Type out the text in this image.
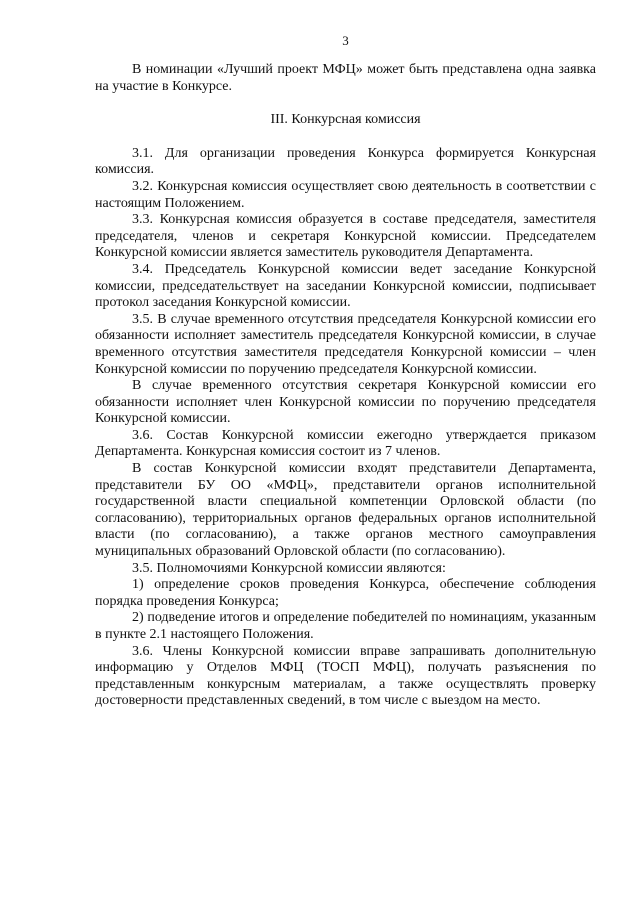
3

В номинации «Лучший проект МФЦ» может быть представлена одна заявка на участие в Конкурсе.

III. Конкурсная комиссия

3.1. Для организации проведения Конкурса формируется Конкурсная комиссия.

3.2. Конкурсная комиссия осуществляет свою деятельность в соответствии с настоящим Положением.

3.3. Конкурсная комиссия образуется в составе председателя, заместителя председателя, членов и секретаря Конкурсной комиссии. Председателем Конкурсной комиссии является заместитель руководителя Департамента.

3.4. Председатель Конкурсной комиссии ведет заседание Конкурсной комиссии, председательствует на заседании Конкурсной комиссии, подписывает протокол заседания Конкурсной комиссии.

3.5. В случае временного отсутствия председателя Конкурсной комиссии его обязанности исполняет заместитель председателя Конкурсной комиссии, в случае временного отсутствия заместителя председателя Конкурсной комиссии – член Конкурсной комиссии по поручению председателя Конкурсной комиссии.

В случае временного отсутствия секретаря Конкурсной комиссии его обязанности исполняет член Конкурсной комиссии по поручению председателя Конкурсной комиссии.

3.6. Состав Конкурсной комиссии ежегодно утверждается приказом Департамента. Конкурсная комиссия состоит из 7 членов.

В состав Конкурсной комиссии входят представители Департамента, представители БУ ОО «МФЦ», представители органов исполнительной государственной власти специальной компетенции Орловской области (по согласованию), территориальных органов федеральных органов исполнительной власти (по согласованию), а также органов местного самоуправления муниципальных образований Орловской области (по согласованию).

3.5. Полномочиями Конкурсной комиссии являются:

1) определение сроков проведения Конкурса, обеспечение соблюдения порядка проведения Конкурса;

2) подведение итогов и определение победителей по номинациям, указанным в пункте 2.1 настоящего Положения.

3.6. Члены Конкурсной комиссии вправе запрашивать дополнительную информацию у Отделов МФЦ (ТОСП МФЦ), получать разъяснения по представленным конкурсным материалам, а также осуществлять проверку достоверности представленных сведений, в том числе с выездом на место.
